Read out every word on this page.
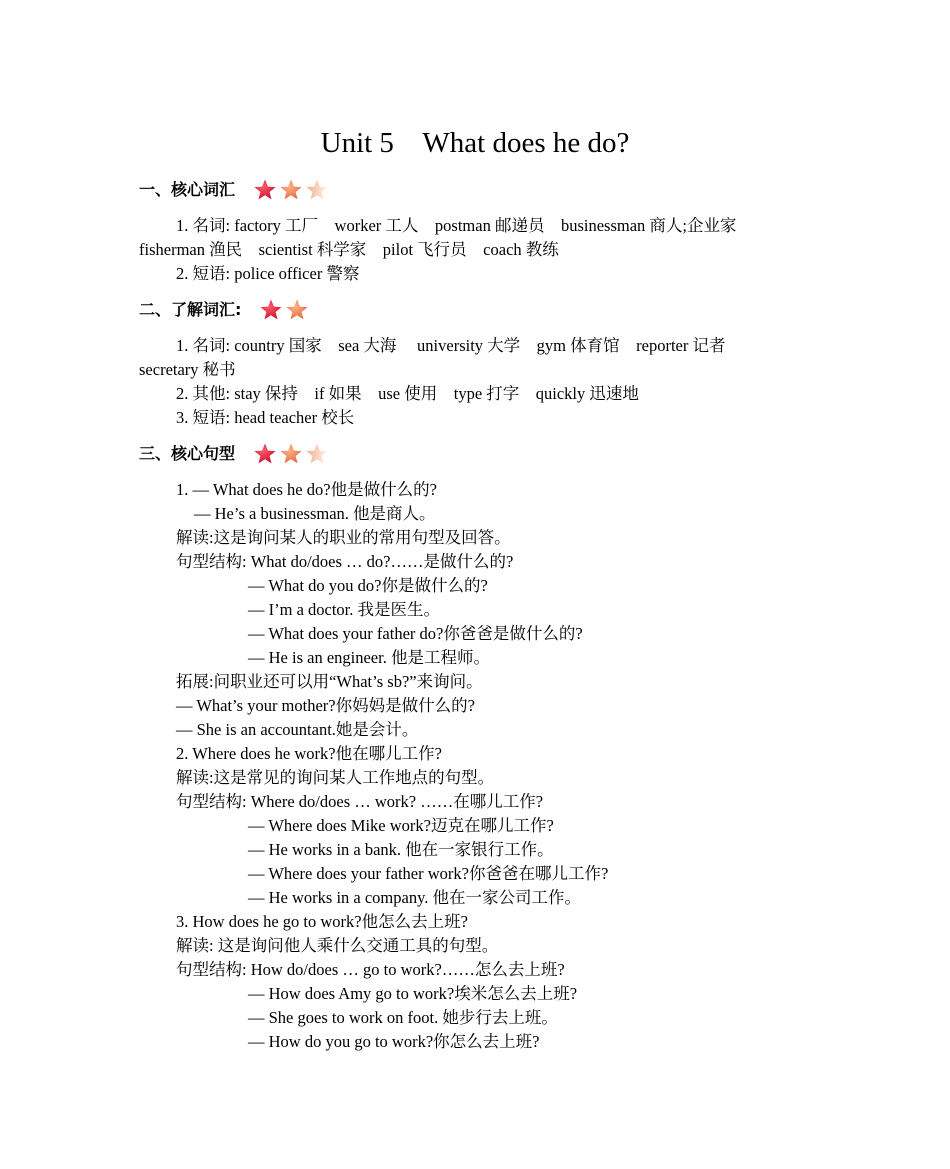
Unit 5    What does he do?
一、核心词汇
1. 名词: factory 工厂    worker 工人    postman 邮递员    businessman 商人;企业家
fisherman 渔民    scientist 科学家    pilot 飞行员    coach 教练
2. 短语: police officer 警察
二、了解词汇:
1. 名词: country 国家    sea 大海     university 大学    gym 体育馆    reporter 记者
secretary 秘书
2. 其他: stay 保持    if 如果    use 使用    type 打字    quickly 迅速地
3. 短语: head teacher 校长
三、核心句型
1. — What does he do?他是做什么的?
— He’s a businessman. 他是商人。
解读:这是询问某人的职业的常用句型及回答。
句型结构: What do/does … do?……是做什么的?
— What do you do?你是做什么的?
— I’m a doctor. 我是医生。
— What does your father do?你爸爸是做什么的?
— He is an engineer. 他是工程师。
拓展:问职业还可以用“What’s sb?”来询问。
— What’s your mother?你妈妈是做什么的?
— She is an accountant.她是会计。
2. Where does he work?他在哪儿工作?
解读:这是常见的询问某人工作地点的句型。
句型结构: Where do/does … work? ……在哪儿工作?
— Where does Mike work?迈克在哪儿工作?
— He works in a bank. 他在一家银行工作。
— Where does your father work?你爸爸在哪儿工作?
— He works in a company. 他在一家公司工作。
3. How does he go to work?他怎么去上班?
解读: 这是询问他人乘什么交通工具的句型。
句型结构: How do/does … go to work?……怎么去上班?
— How does Amy go to work?埃米怎么去上班?
— She goes to work on foot. 她步行去上班。
— How do you go to work?你怎么去上班?
